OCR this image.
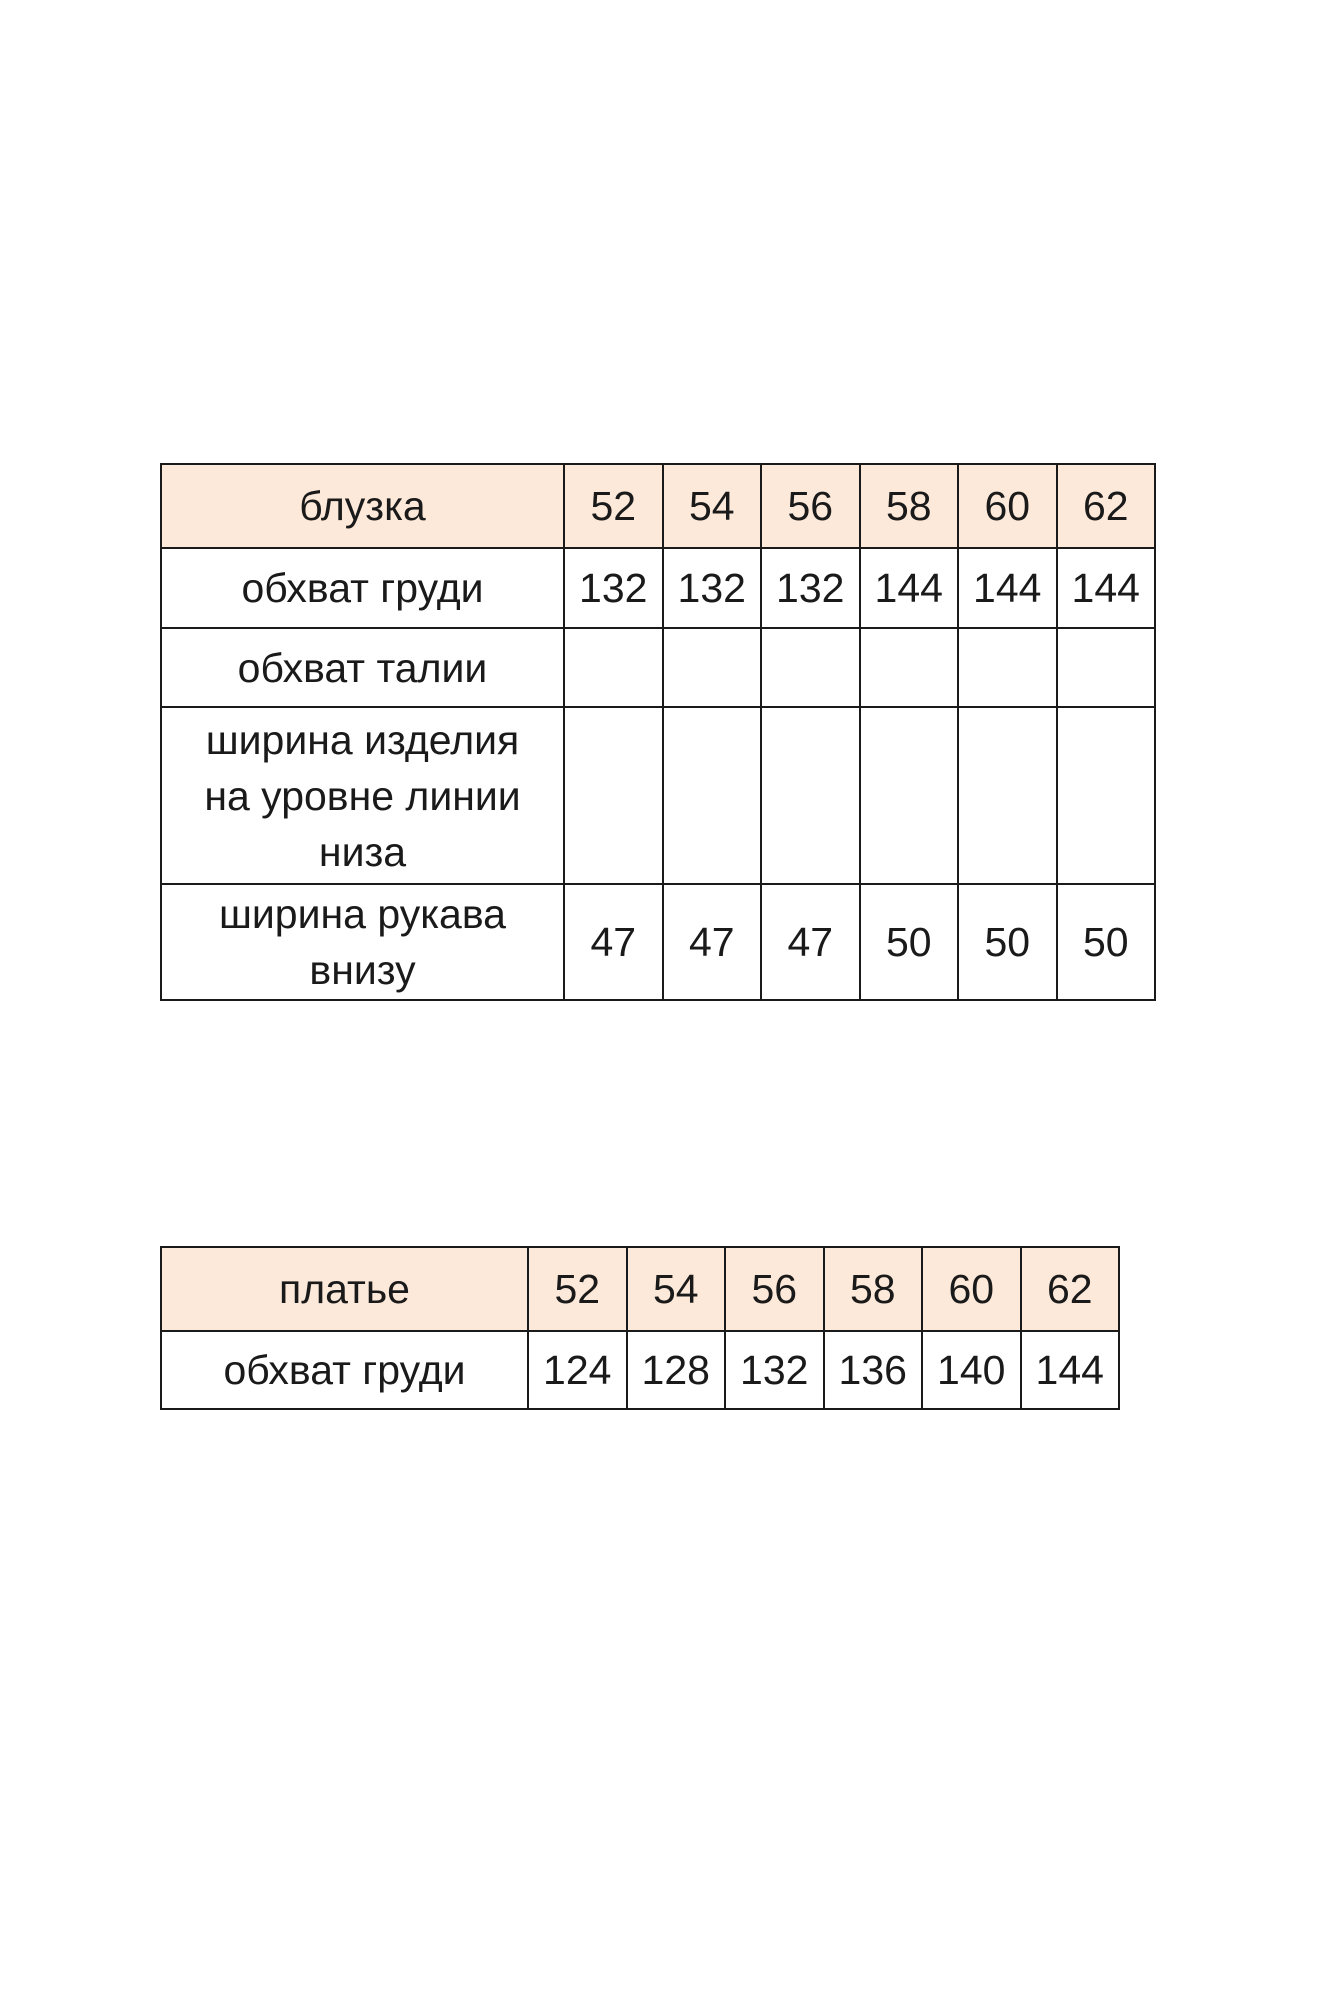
блузка	52	54	56	58	60	62
обхват груди	132	132	132	144	144	144
обхват талии						
ширина изделия на уровне линии низа						
ширина рукава внизу	47	47	47	50	50	50
платье	52	54	56	58	60	62
обхват груди	124	128	132	136	140	144
